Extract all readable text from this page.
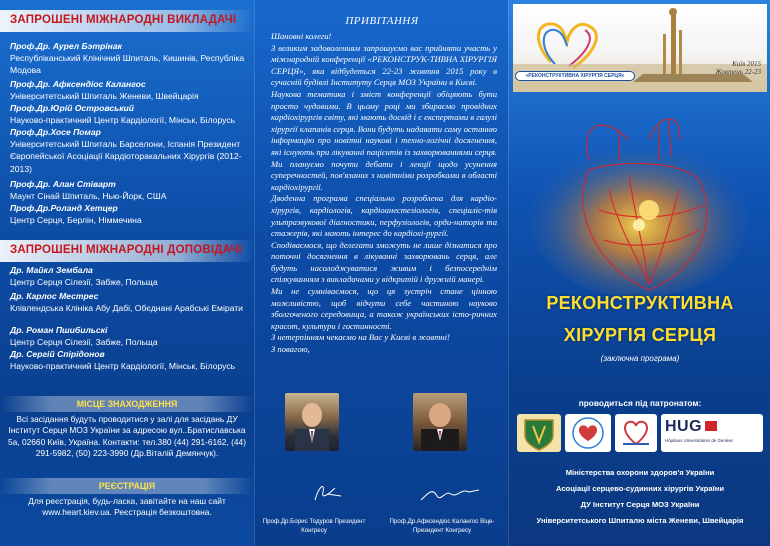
ЗАПРОШЕНІ МІЖНАРОДНІ ВИКЛАДАЧІ
Проф.Др. Аурел Бэтрінак
Республіканський Клінічний Шпиталь, Кишинів, Республіка Модова
Проф.Др. Афксендіос Калангос
Університетський Шпиталь Женеви, Швейцарія
Проф.Др.Юрій Островський
Науково-практичний Центр Кардіології, Мінськ, Білорусь
Проф.Др.Хосе Помар
Університетський Шпиталь Барселони, Іспанія Президент Європейської Асоціації Кардіоторакальних Хірургів (2012-2013)
Проф.Др. Алан Стіварт
Маунт Сінай Шпиталь, Нью-Йорк, США
Проф.Др.Роланд Хетцер
Центр Серця, Берлін, Німмечина
ЗАПРОШЕНІ МІЖНАРОДНІ ДОПОВІДАЧІ
Др. Майкл Зембала
Центр Серця Сілезії, Забже, Польща
Др. Карлос Местрес
Клівлендська Клініка Абу Дабі, Обєднані Арабські Емірати
Др. Роман Пшибильскі
Центр Серця Сілезії, Забже, Польща
Др. Сергій Спірідонов
Науково-практичний Центр Кардіології, Мінськ, Білорусь
МІСЦЕ ЗНАХОДЖЕННЯ
Всі засідання будуть проводитися у залі для засідань ДУ Інститут Серця МОЗ України за адресою вул..Братиславська 5а, 02660 Київ, Україна. Контакти: тел.380 (44) 291-6162, (44) 291-5982, (50) 223-3990 (Др.Віталій Демянчук).
РЕЄСТРАЦІЯ
Для реєстрація, будь-ласка, завітайте на наш сайт www.heart.kiev.ua. Реєстрація безкоштовна.
ПРИВІТАННЯ

Шановні колеги!

З великим задоволенням запрошуємо вас прийняти участь у міжнародній конференції «РЕКОНСТРУК-ТИВНА ХІРУРГІЯ СЕРЦЯ», яка відбудеться 22-23 жовтня 2015 року в сучасній будівлі Інституту Серця МОЗ України в Києві.

Наукова тематика і зміст конференції обіцяють бути просто чудовими. В цьому році ми збираємо провідних кардіохірургів світу, які мають досвід і є експертами в галузі хірургії клапанів серця. Вони будуть надавати саму останню інформацію про новітні наукові і техно-логічні досягнення, які існують при лікуванні пацієнтів із захворюваннями серця. Ми плануємо почути дебати і лекції щодо усунення суперечностей, пов'язаних з новітніми розробками в області кардіохірургії.

Дводенна програма спеціально розроблена для кардіо-хірургів, кардіологів, кардіоанестезіологів, спеціаліс-тів ультразвукової діагностики, перфузіологів, орди-наторів та стажерів, які мають інтерес до кардіохі-рургії.

Сподіваємося, що делегати зможуть не лише дізнатися про поточні досягнення в лікуванні захворювань серця, але будуть насолоджуватися живим і безпосереднім спілкуванням з викладачами у відкритій і дружній манері.

Ми не сумніваємося, що ця зустріч стане цінною можливістю, щоб відчути себе частиною науково зболгоченого середовища, а також українських істо-ричних красот, культури і гостинності.

З нетерпінням чекаємо на Вас у Києві в жовтні!

З повагою,

Проф.Др.Борис Тодуров Президент Конгресу
Проф.Др.Афксендіос Калангос Віце-Президент Конгресу
«РЕКОНСТРУКТИВНА ХІРУРГІЯ СЕРЦЯ»
Київ 2015
Жовтень 22-23
РЕКОНСТРУКТИВНА
ХІРУРГІЯ СЕРЦЯ
(заключна програма)
проводиться під патронатом:
HUG
Hôpitaux Universitaires de Genève
Міністерства охорони здоров'я України
Асоціації серцево-судинних хірургів України
ДУ Інститут Серця МОЗ України
Університетського Шпиталю міста Женеви, Швейцарія
